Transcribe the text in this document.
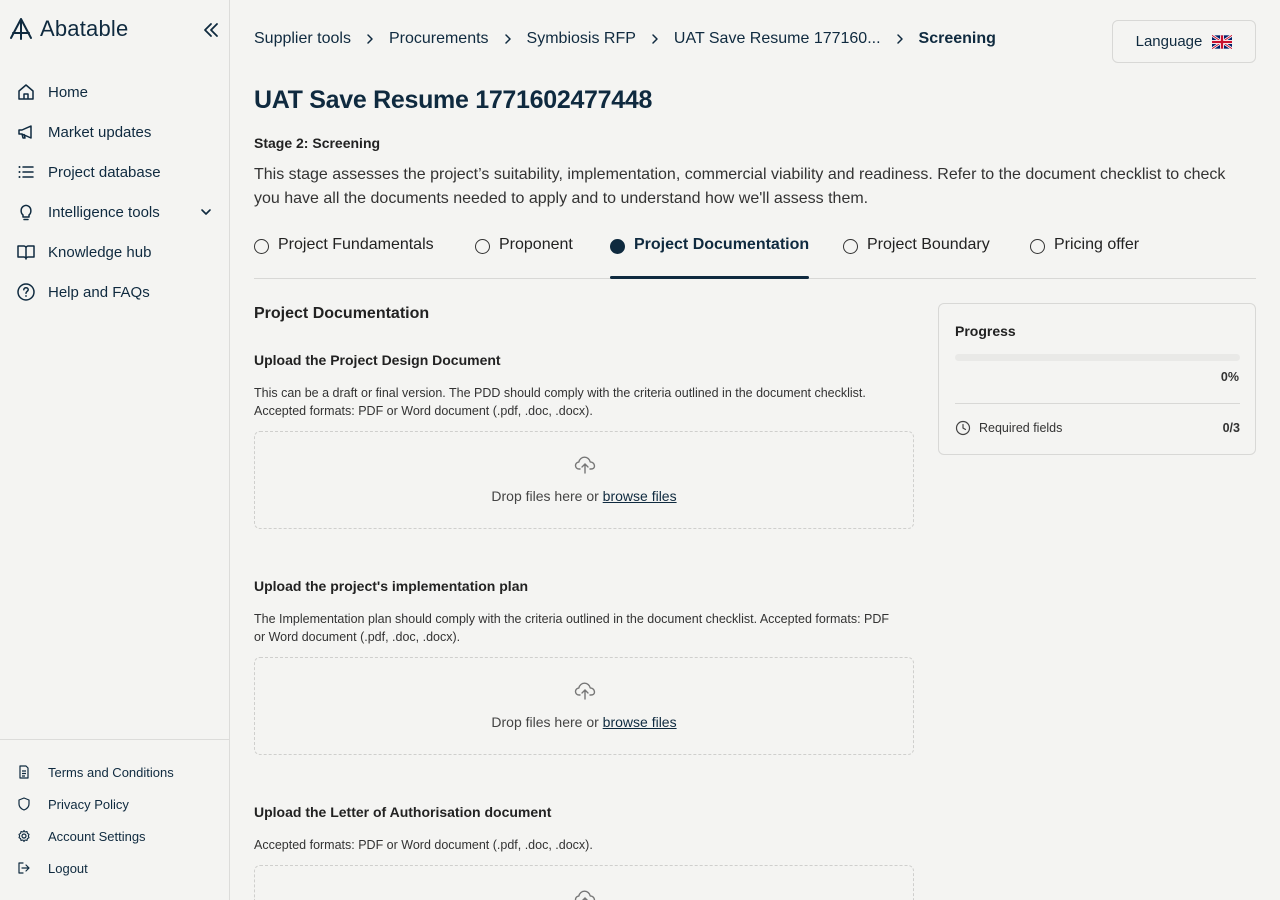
Abatable
Home
Market updates
Project database
Intelligence tools
Knowledge hub
Help and FAQs
Terms and Conditions
Privacy Policy
Account Settings
Logout
Supplier tools Procurements Symbiosis RFP UAT Save Resume 177160... Screening	Language
UAT Save Resume 1771602477448
Stage 2: Screening

This stage assesses the project’s suitability, implementation, commercial viability and readiness. Refer to the document checklist to check you have all the documents needed to apply and to understand how we'll assess them.

Project Fundamentals	Proponent	Project Documentation	Project Boundary	Pricing offer
Project Documentation
Upload the Project Design Document
This can be a draft or final version. The PDD should comply with the criteria outlined in the document checklist. Accepted formats: PDF or Word document (.pdf, .doc, .docx).
Drop files here or browse files
Upload the project's implementation plan
The Implementation plan should comply with the criteria outlined in the document checklist. Accepted formats: PDF or Word document (.pdf, .doc, .docx).
Drop files here or browse files
Upload the Letter of Authorisation document
Accepted formats: PDF or Word document (.pdf, .doc, .docx).
Progress
0%
Required fields	0/3
